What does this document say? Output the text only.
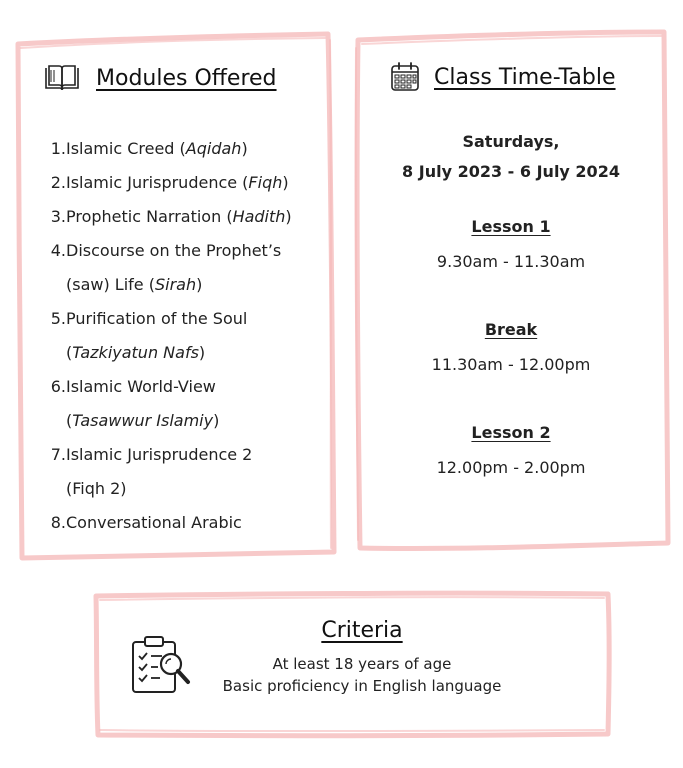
Modules Offered
1. Islamic Creed (Aqidah)
2. Islamic Jurisprudence (Fiqh)
3. Prophetic Narration (Hadith)
4. Discourse on the Prophet’s
(saw) Life (Sirah)
5. Purification of the Soul
(Tazkiyatun Nafs)
6. Islamic World-View
(Tasawwur Islamiy)
7. Islamic Jurisprudence 2
(Fiqh 2)
8. Conversational Arabic
Class Time-Table
Saturdays,
8 July 2023 - 6 July 2024
Lesson 1
9.30am - 11.30am
Break
11.30am - 12.00pm
Lesson 2
12.00pm - 2.00pm
Criteria
At least 18 years of age
Basic proficiency in English language
